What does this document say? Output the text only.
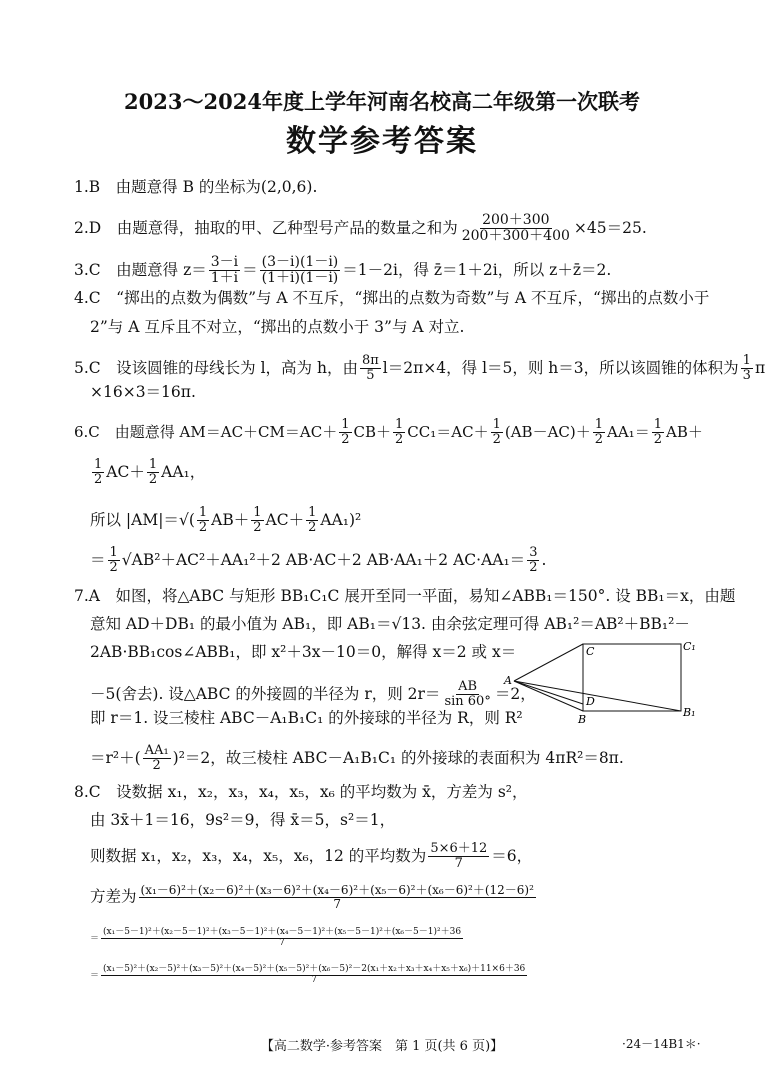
2023～2024年度上学年河南名校高二年级第一次联考
数学参考答案
1.B　由题意得 B 的坐标为(2,0,6).
2.D　由题意得，抽取的甲、乙种型号产品的数量之和为 $\frac{200+300}{200+300+400} \times 45=25$.
3.C　由题意得 $z= \frac{3-i}{1+i} = \frac{(3-i)(1-i)}{(1+i)(1-i)} =1-2i$，得 z̄＝1＋2i，所以 z＋z̄＝2.
4.C　“掷出的点数为偶数”与 A 不互斥，“掷出的点数为奇数”与 A 不互斥，“掷出的点数小于
2”与 A 互斥且不对立，“掷出的点数小于 3”与 A 对立.
5.C　设该圆锥的母线长为 l，高为 h，由 $\frac{8\pi}{5} l=2\pi\times 4$，得 l＝5，则 h＝3，所以该圆锥的体积为 $\frac{1}{3}$ π
×16×3＝16π.
6.C　由题意得 $AM=AC+CM=AC+ \frac{1}{2} CB+ \frac{1}{2} CC_1=AC+ \frac{1}{2} (AB-AC)+ \frac{1}{2} AA_1= \frac{1}{2} AB+$
$\frac{1}{2} AC+ \frac{1}{2} AA_1$，
所以 $|AM|=√( \frac{1}{2} AB+ \frac{1}{2} AC+ \frac{1}{2} AA_1)^2$
＝ $\frac{1}{2} √AB^2+AC^2+AA_1^2+2$ AB·AC＋2 AB·AA₁＋2 $AC\cdot AA_1= \frac{3}{2}$ .
7.A　如图，将△ABC 与矩形 BB₁C₁C 展开至同一平面，易知∠ABB₁＝150°. 设 BB₁＝x，由题
意知 AD＋DB₁ 的最小值为 AB₁，即 AB₁＝√13. 由余弦定理可得 AB₁²＝AB²＋BB₁²－
2AB·BB₁cos∠ABB₁，即 x²＋3x－10＝0，解得 x＝2 或 x＝
－5(舍去). 设△ABC 的外接圆的半径为 r，则 $2r= \frac{AB}{\sin 60^\circ} =2$，
即 r＝1. 设三棱柱 ABC－A₁B₁C₁ 的外接球的半径为 R，则 R²
$=r^2+( \frac{\text{AA₁}}{2} )^2=2$，故三棱柱 ABC－A₁B₁C₁ 的外接球的表面积为 4πR²＝8π.
A
C
D
B
C₁
B₁
8.C　设数据 x₁，x₂，x₃，x₄，x₅，x₆ 的平均数为 x̄，方差为 s²，
由 3x̄＋1＝16，9s²＝9，得 x̄＝5，s²＝1，
则数据 x₁，x₂，x₃，x₄，x₅，x₆，12 的平均数为 $\frac{5\times 6+12}{7} =6$，
方差为 $\frac{\text{(x₁－6)²＋(x₂－6)²＋(x₃－6)²＋(x₄－6)²＋(x₅－6)²＋(x₆－6)²＋(12－6)²}}{7}$
＝
(x₁－5－1)²＋(x₂－5－1)²＋(x₃－5－1)²＋(x₄－5－1)²＋(x₅－5－1)²＋(x₆－5－1)²＋36
7
＝
(x₁－5)²＋(x₂－5)²＋(x₃－5)²＋(x₄－5)²＋(x₅－5)²＋(x₆－5)²－2(x₁＋x₂＋x₃＋x₄＋x₅＋x₆)＋11×6＋36
7
【高二数学·参考答案　第 1 页(共 6 页)】	·24－14B1＊·
